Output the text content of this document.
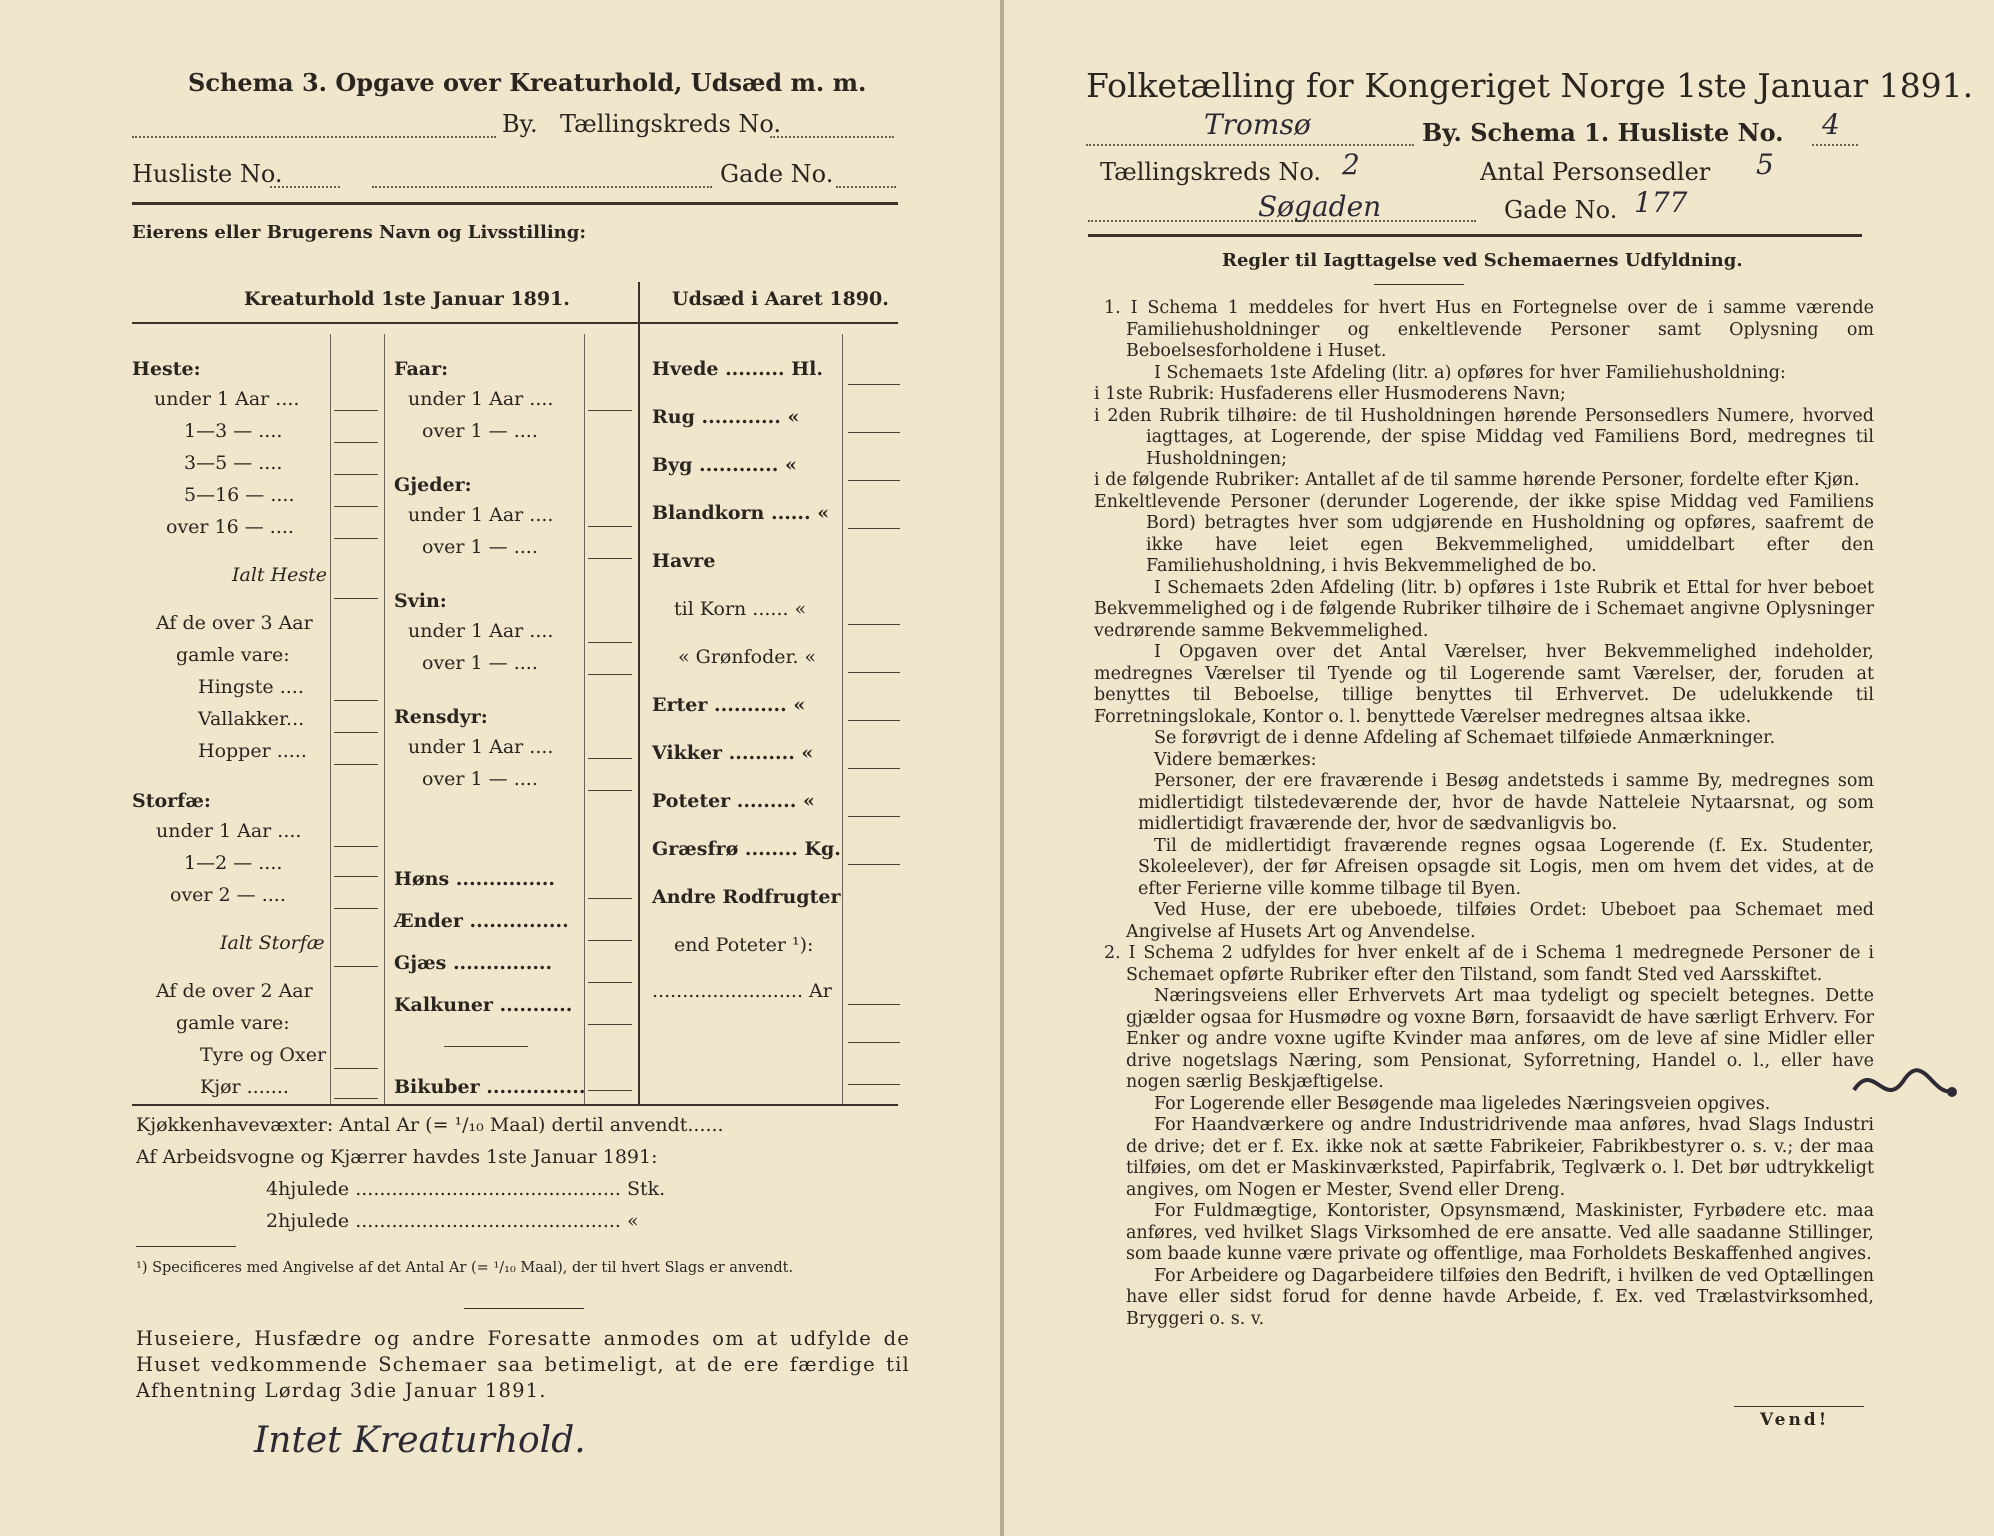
Schema 3. Opgave over Kreaturhold, Udsæd m. m.
By. Tællingskreds No.
Husliste No.	Gade No.
Eierens eller Brugerens Navn og Livsstilling:
Kreaturhold 1ste Januar 1891.	Udsæd i Aaret 1890.
Heste:
under 1 Aar ....
1—3 — ....
3—5 — ....
5—16 — ....
over 16 — ....
Ialt Heste
Af de over 3 Aar
gamle vare:
Hingste ....
Vallakker...
Hopper .....
Storfæ:
under 1 Aar ....
1—2 — ....
over 2 — ....
Ialt Storfæ
Af de over 2 Aar
gamle vare:
Tyre og Oxer
Kjør .......
Faar:
under 1 Aar ....
over 1 — ....
Gjeder:
under 1 Aar ....
over 1 — ....
Svin:
under 1 Aar ....
over 1 — ....
Rensdyr:
under 1 Aar ....
over 1 — ....
Høns ...............
Ænder ...............
Gjæs ...............
Kalkuner ...........
Bikuber ...............
Hvede ......... Hl.
Rug ............ «
Byg ............ «
Blandkorn ...... «
Havre
til Korn ...... «
« Grønfoder. «
Erter ........... «
Vikker .......... «
Poteter ......... «
Græsfrø ........ Kg.
Andre Rodfrugter
end Poteter ¹):
......................... Ar
Kjøkkenhavevæxter: Antal Ar (= ¹/₁₀ Maal) dertil anvendt......
Af Arbeidsvogne og Kjærrer havdes 1ste Januar 1891:
4hjulede ............................................ Stk.
2hjulede ............................................ «
¹) Specificeres med Angivelse af det Antal Ar (= ¹/₁₀ Maal), der til hvert Slags er anvendt.
Huseiere, Husfædre og andre Foresatte anmodes om at udfylde de Huset vedkommende Schemaer saa betimeligt, at de ere færdige til Afhentning Lørdag 3die Januar 1891.
Intet Kreaturhold.
Folketælling for Kongeriget Norge 1ste Januar 1891.
Tromsø	By. Schema 1. Husliste No. 4
Tællingskreds No. 2	Antal Personsedler 5
Søgaden	Gade No. 177
Regler til Iagttagelse ved Schemaernes Udfyldning.

1. I Schema 1 meddeles for hvert Hus en Fortegnelse over de i samme værende Familiehusholdninger og enkeltlevende Personer samt Oplysning om Beboelsesforholdene i Huset.

I Schemaets 1ste Afdeling (litr. a) opføres for hver Familiehusholdning:

i 1ste Rubrik: Husfaderens eller Husmoderens Navn;

i 2den Rubrik tilhøire: de til Husholdningen hørende Personsedlers Numere, hvorved iagttages, at Logerende, der spise Middag ved Familiens Bord, medregnes til Husholdningen;

i de følgende Rubriker: Antallet af de til samme hørende Personer, fordelte efter Kjøn.

Enkeltlevende Personer (derunder Logerende, der ikke spise Middag ved Familiens Bord) betragtes hver som udgjørende en Husholdning og opføres, saafremt de ikke have leiet egen Bekvemmelighed, umiddelbart efter den Familiehusholdning, i hvis Bekvemmelighed de bo.

I Schemaets 2den Afdeling (litr. b) opføres i 1ste Rubrik et Ettal for hver beboet Bekvemmelighed og i de følgende Rubriker tilhøire de i Schemaet angivne Oplysninger vedrørende samme Bekvemmelighed.

I Opgaven over det Antal Værelser, hver Bekvemmelighed indeholder, medregnes Værelser til Tyende og til Logerende samt Værelser, der, foruden at benyttes til Beboelse, tillige benyttes til Erhvervet. De udelukkende til Forretningslokale, Kontor o. l. benyttede Værelser medregnes altsaa ikke.

Se forøvrigt de i denne Afdeling af Schemaet tilføiede Anmærkninger.

Videre bemærkes:

Personer, der ere fraværende i Besøg andetsteds i samme By, medregnes som midlertidigt tilstedeværende der, hvor de havde Natteleie Nytaarsnat, og som midlertidigt fraværende der, hvor de sædvanligvis bo.

Til de midlertidigt fraværende regnes ogsaa Logerende (f. Ex. Studenter, Skoleelever), der før Afreisen opsagde sit Logis, men om hvem det vides, at de efter Ferierne ville komme tilbage til Byen.

Ved Huse, der ere ubeboede, tilføies Ordet: Ubeboet paa Schemaet med Angivelse af Husets Art og Anvendelse.

2. I Schema 2 udfyldes for hver enkelt af de i Schema 1 medregnede Personer de i Schemaet opførte Rubriker efter den Tilstand, som fandt Sted ved Aarsskiftet.

Næringsveiens eller Erhvervets Art maa tydeligt og specielt betegnes. Dette gjælder ogsaa for Husmødre og voxne Børn, forsaavidt de have særligt Erhverv. For Enker og andre voxne ugifte Kvinder maa anføres, om de leve af sine Midler eller drive nogetslags Næring, som Pensionat, Syforretning, Handel o. l., eller have nogen særlig Beskjæftigelse.

For Logerende eller Besøgende maa ligeledes Næringsveien opgives.

For Haandværkere og andre Industridrivende maa anføres, hvad Slags Industri de drive; det er f. Ex. ikke nok at sætte Fabrikeier, Fabrikbestyrer o. s. v.; der maa tilføies, om det er Maskinværksted, Papirfabrik, Teglværk o. l. Det bør udtrykkeligt angives, om Nogen er Mester, Svend eller Dreng.

For Fuldmægtige, Kontorister, Opsynsmænd, Maskinister, Fyrbødere etc. maa anføres, ved hvilket Slags Virksomhed de ere ansatte. Ved alle saadanne Stillinger, som baade kunne være private og offentlige, maa Forholdets Beskaffenhed angives.

For Arbeidere og Dagarbeidere tilføies den Bedrift, i hvilken de ved Optællingen have eller sidst forud for denne havde Arbeide, f. Ex. ved Trælastvirksomhed, Bryggeri o. s. v.

Vend!
